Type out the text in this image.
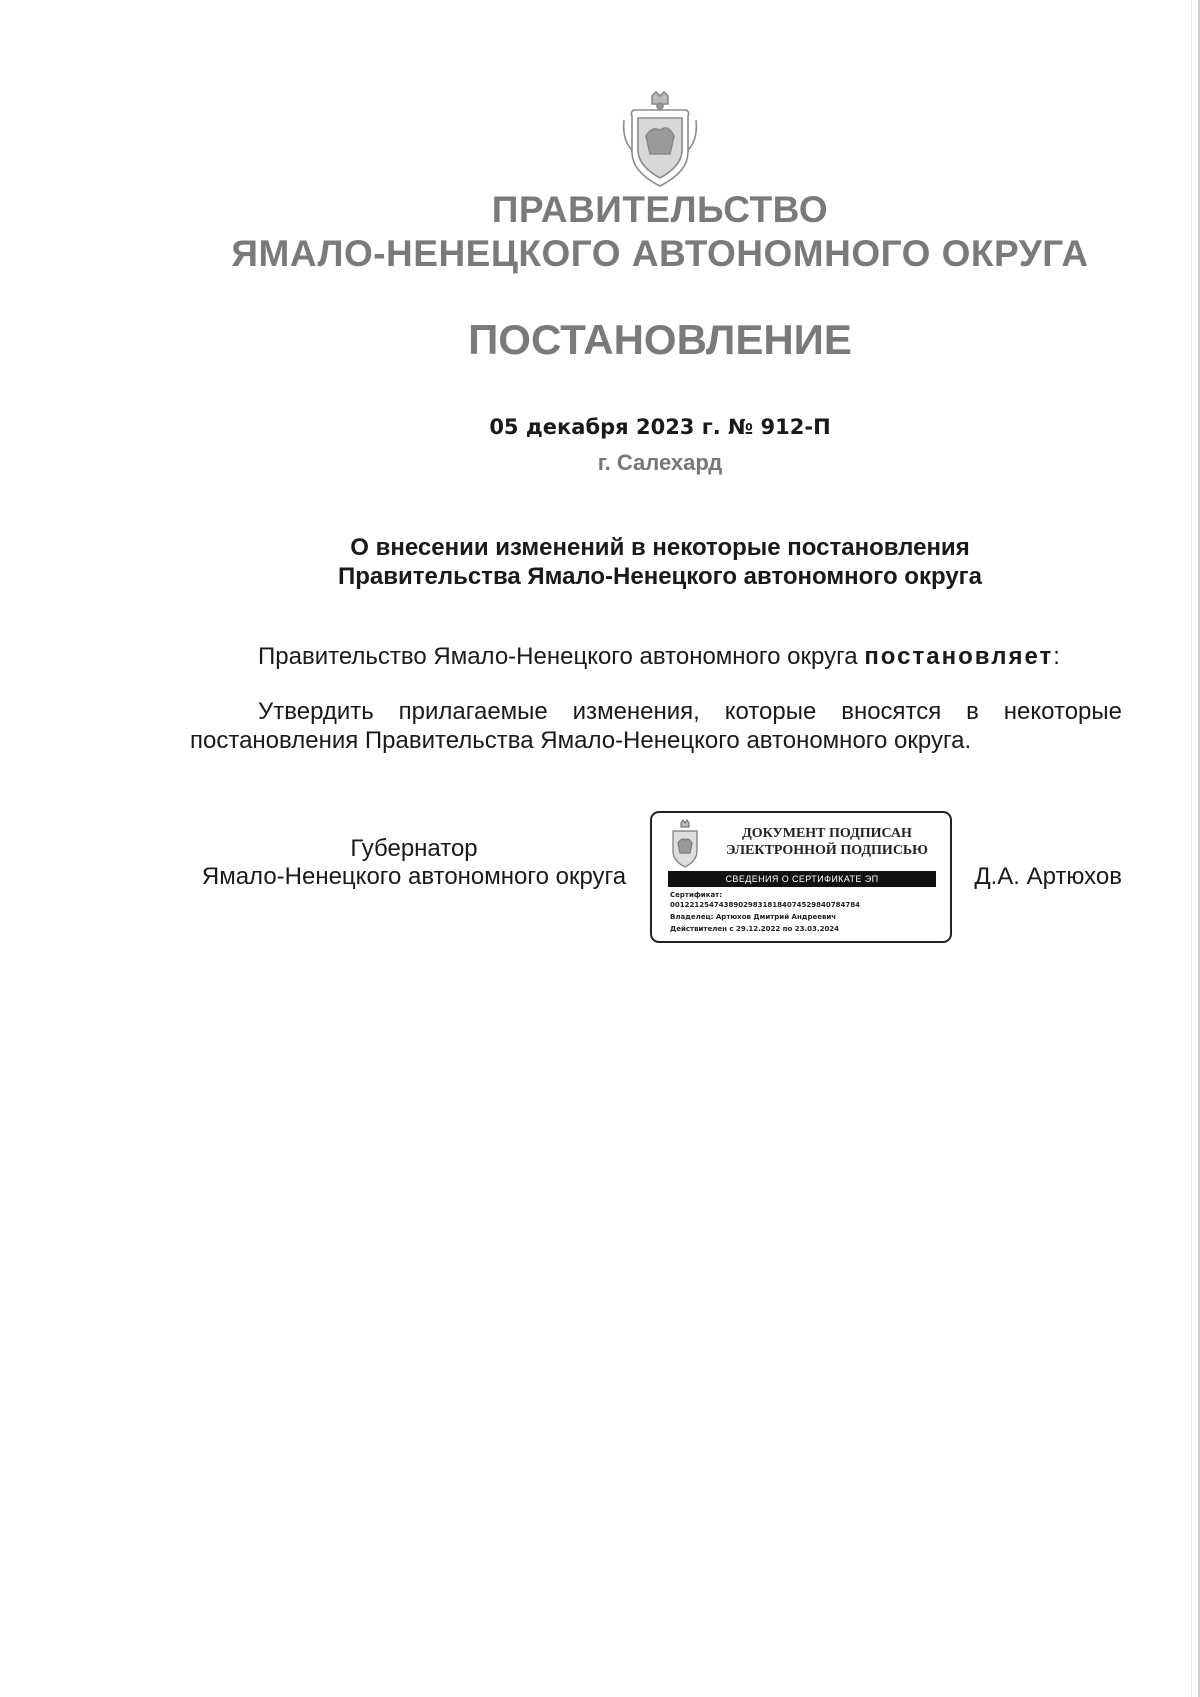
ПРАВИТЕЛЬСТВО
ЯМАЛО-НЕНЕЦКОГО АВТОНОМНОГО ОКРУГА
ПОСТАНОВЛЕНИЕ
05 декабря 2023 г. № 912-П
г. Салехард
О внесении изменений в некоторые постановления
Правительства Ямало-Ненецкого автономного округа
Правительство Ямало-Ненецкого автономного округа постановляет:
Утвердить прилагаемые изменения, которые вносятся в некоторые постановления Правительства Ямало-Ненецкого автономного округа.
Губернатор
Ямало-Ненецкого автономного округа	Д.А. Артюхов
ДОКУМЕНТ ПОДПИСАН
ЭЛЕКТРОННОЙ ПОДПИСЬЮ
СВЕДЕНИЯ О СЕРТИФИКАТЕ ЭП
Сертификат:
00122125474389029831818407452984078478​4
Владелец: Артюхов Дмитрий Андреевич
Действителен с 29.12.2022 по 23.03.2024
